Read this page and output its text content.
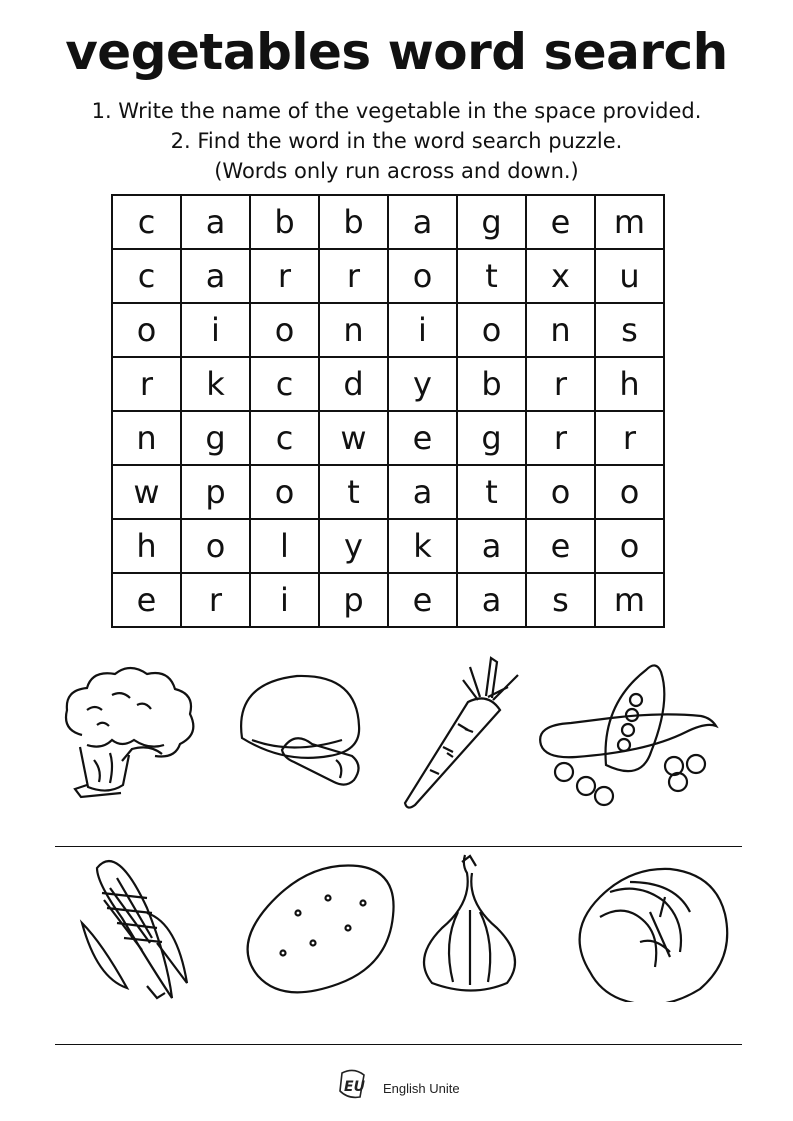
vegetables word search
1. Write the name of the vegetable in the space provided.
2. Find the word in the word search puzzle.
(Words only run across and down.)
c	a	b	b	a	g	e	m
c	a	r	r	o	t	x	u
o	i	o	n	i	o	n	s
r	k	c	d	y	b	r	h
n	g	c	w	e	g	r	r
w	p	o	t	a	t	o	o
h	o	l	y	k	a	e	o
e	r	i	p	e	a	s	m
EU English Unite
